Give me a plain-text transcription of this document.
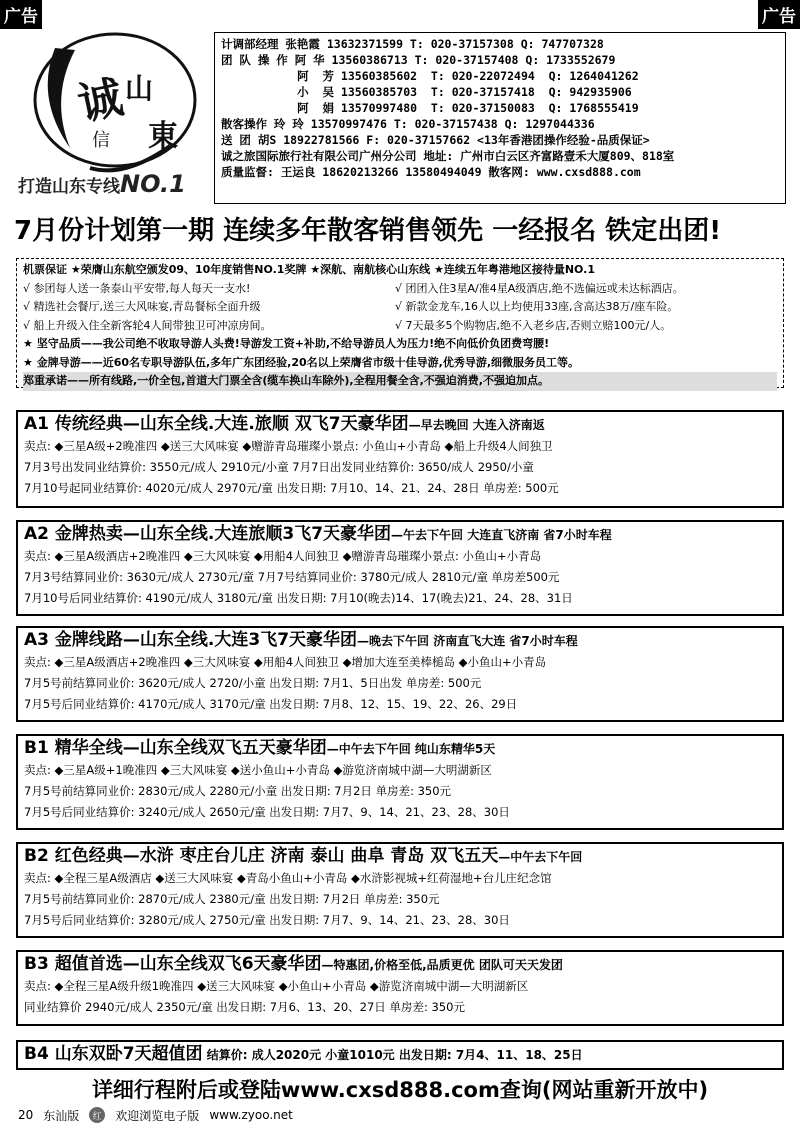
广告	广告
诚
山
東
信
打造山东专线NO.1
计调部经理 张艳霞 13632371599 T: 020-37157308 Q: 747707328
团 队 操 作 阿 华 13560386713 T: 020-37157408 Q: 1733552679
阿  芳 13560385602  T: 020-22072494  Q: 1264041262
小  吴 13560385703  T: 020-37157418  Q: 942935906
阿  娟 13570997480  T: 020-37150083  Q: 1768555419
散客操作 玲 玲 13570997476 T: 020-37157438 Q: 1297044336
送 团 胡S 18922781566 F: 020-37157662 <13年香港团操作经验-品质保证>
诚之旅国际旅行社有限公司广州分公司 地址: 广州市白云区齐富路壹禾大厦809、818室
质量监督: 王运良 18620213266 13580494049 散客网: www.cxsd888.com
7月份计划第一期 连续多年散客销售领先 一经报名 铁定出团!
机票保证 ★荣膺山东航空颁发09、10年度销售NO.1奖牌 ★深航、南航核心山东线 ★连续五年粤港地区接待量NO.1
√ 参团每人送一条泰山平安带,每人每天一支水!	√ 团团入住3星A/准4星A级酒店,绝不选偏远或未达标酒店。
√ 精选社会餐厅,送三大风味宴,青岛餐标全面升级	√ 新款金龙车,16人以上均使用33座,含高达38万/座车险。
√ 船上升级入住全新客轮4人间带独卫可冲凉房间。	√ 7天最多5个购物店,绝不入老乡店,否则立赔100元/人。
★ 坚守品质——我公司绝不收取导游人头费!导游发工资+补助,不给导游员人为压力!绝不向低价负团费弯腰!
★ 金牌导游——近60名专职导游队伍,多年广东团经验,20名以上荣膺省市级十佳导游,优秀导游,细微服务员工等。
郑重承诺——所有线路,一价全包,首道大门票全含(缆车换山车除外),全程用餐全含,不强迫消费,不强迫加点。
A1 传统经典—山东全线.大连.旅顺 双飞7天豪华团—早去晚回 大连入济南返
卖点: ◆三星A级+2晚准四 ◆送三大风味宴 ◆赠游青岛璀璨小景点: 小鱼山+小青岛 ◆船上升级4人间独卫
7月3号出发同业结算价: 3550元/成人 2910元/小童 7月7日出发同业结算价: 3650/成人 2950/小童
7月10号起同业结算价: 4020元/成人 2970元/童 出发日期: 7月10、14、21、24、28日 单房差: 500元
A2 金牌热卖—山东全线.大连旅顺3飞7天豪华团—午去下午回 大连直飞济南 省7小时车程
卖点: ◆三星A级酒店+2晚准四 ◆三大风味宴 ◆用船4人间独卫 ◆赠游青岛璀璨小景点: 小鱼山+小青岛
7月3号结算同业价: 3630元/成人 2730元/童 7月7号结算同业价: 3780元/成人 2810元/童 单房差500元
7月10号后同业结算价: 4190元/成人 3180元/童 出发日期: 7月10(晚去)14、17(晚去)21、24、28、31日
A3 金牌线路—山东全线.大连3飞7天豪华团—晚去下午回 济南直飞大连 省7小时车程
卖点: ◆三星A级酒店+2晚准四 ◆三大风味宴 ◆用船4人间独卫 ◆增加大连至美棒槌岛 ◆小鱼山+小青岛
7月5号前结算同业价: 3620元/成人 2720/小童 出发日期: 7月1、5日出发 单房差: 500元
7月5号后同业结算价: 4170元/成人 3170元/童 出发日期: 7月8、12、15、19、22、26、29日
B1 精华全线—山东全线双飞五天豪华团—中午去下午回 纯山东精华5天
卖点: ◆三星A级+1晚准四 ◆三大风味宴 ◆送小鱼山+小青岛 ◆游览济南城中湖—大明湖新区
7月5号前结算同业价: 2830元/成人 2280元/小童 出发日期: 7月2日 单房差: 350元
7月5号后同业结算价: 3240元/成人 2650元/童 出发日期: 7月7、9、14、21、23、28、30日
B2 红色经典—水浒 枣庄台儿庄 济南 泰山 曲阜 青岛 双飞五天—中午去下午回
卖点: ◆全程三星A级酒店 ◆送三大风味宴 ◆青岛小鱼山+小青岛 ◆水浒影视城+红荷湿地+台儿庄纪念馆
7月5号前结算同业价: 2870元/成人 2380元/童 出发日期: 7月2日 单房差: 350元
7月5号后同业结算价: 3280元/成人 2750元/童 出发日期: 7月7、9、14、21、23、28、30日
B3 超值首选—山东全线双飞6天豪华团—特惠团,价格至低,品质更优 团队可天天发团
卖点: ◆全程三星A级升级1晚准四 ◆送三大风味宴 ◆小鱼山+小青岛 ◆游览济南城中湖—大明湖新区
同业结算价 2940元/成人 2350元/童 出发日期: 7月6、13、20、27日 单房差: 350元
B4 山东双卧7天超值团 结算价: 成人2020元 小童1010元 出发日期: 7月4、11、18、25日
详细行程附后或登陆www.cxsd888.com查询(网站重新开放中)
20 东汕版	红 欢迎浏览电子版 www.zyoo.net
